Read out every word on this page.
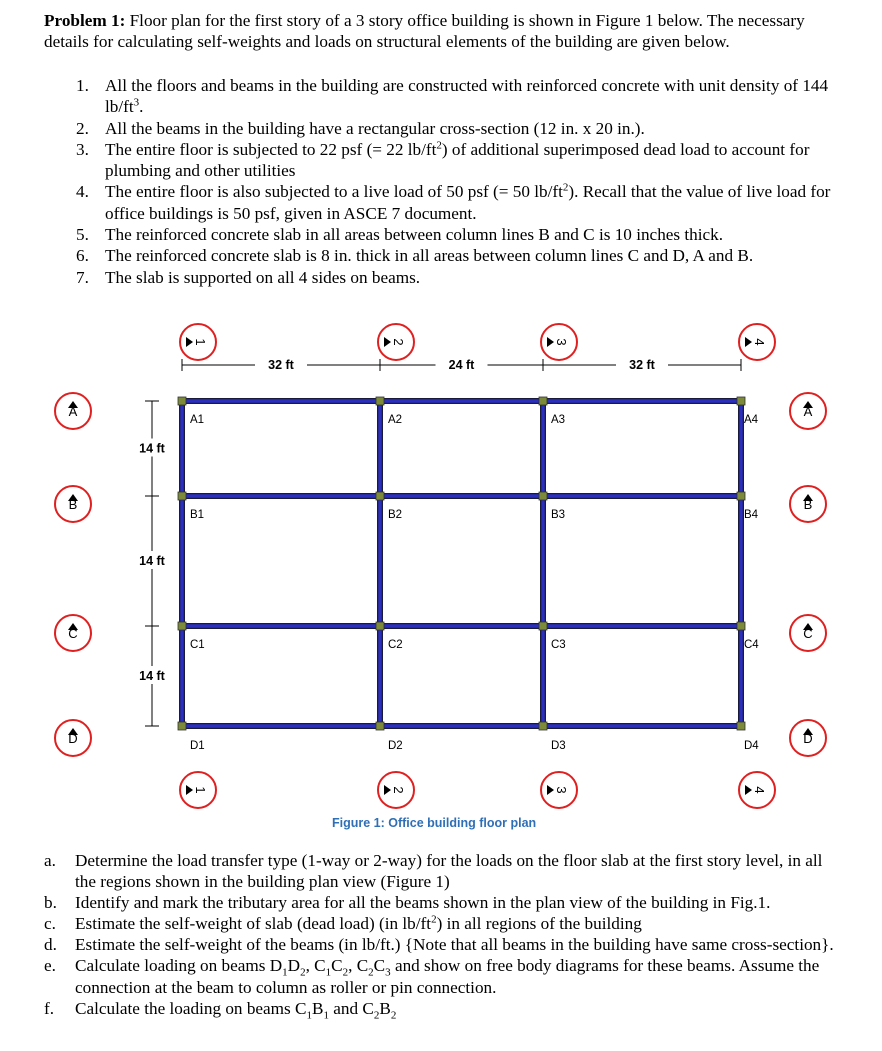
Problem 1: Floor plan for the first story of a 3 story office building is shown in Figure 1 below. The necessary details for calculating self-weights and loads on structural elements of the building are given below.
1. All the floors and beams in the building are constructed with reinforced concrete with unit density of 144 $lb/ft^3$.
2. All the beams in the building have a rectangular cross-section (12 in. x 20 in.).
3. The entire floor is subjected to 22 psf (= 22 $lb/ft^2$) of additional superimposed dead load to account for plumbing and other utilities
4. The entire floor is also subjected to a live load of 50 psf (= 50 $lb/ft^2$). Recall that the value of live load for office buildings is 50 psf, given in ASCE 7 document.
5. The reinforced concrete slab in all areas between column lines B and C is 10 inches thick.
6. The reinforced concrete slab is 8 in. thick in all areas between column lines C and D, A and B.
7. The slab is supported on all 4 sides on beams.
A1	A2	A3	A4
B1	B2	B3	B4
C1	C2	C3	C4
D1	D2	D3	D4
32 ft	24 ft	32 ft
14 ft
14 ft
14 ft
1
1
2
2
3
3
4
4
A	A
B	B
C	C
D	D
Figure 1: Office building floor plan
a. Determine the load transfer type (1-way or 2-way) for the loads on the floor slab at the first story level, in all the regions shown in the building plan view (Figure 1)
b. Identify and mark the tributary area for all the beams shown in the plan view of the building in Fig.1.
c. Estimate the self-weight of slab (dead load) (in $lb/ft^2$) in all regions of the building
d. Estimate the self-weight of the beams (in lb/ft.) {Note that all beams in the building have same cross-section}.
e. Calculate loading on beams $D_1D_2$, $C_1C_2$, $C_2C_3$ and show on free body diagrams for these beams. Assume the connection at the beam to column as roller or pin connection.
f. Calculate the loading on beams $C_1B_1$ and $C_2B_2$
